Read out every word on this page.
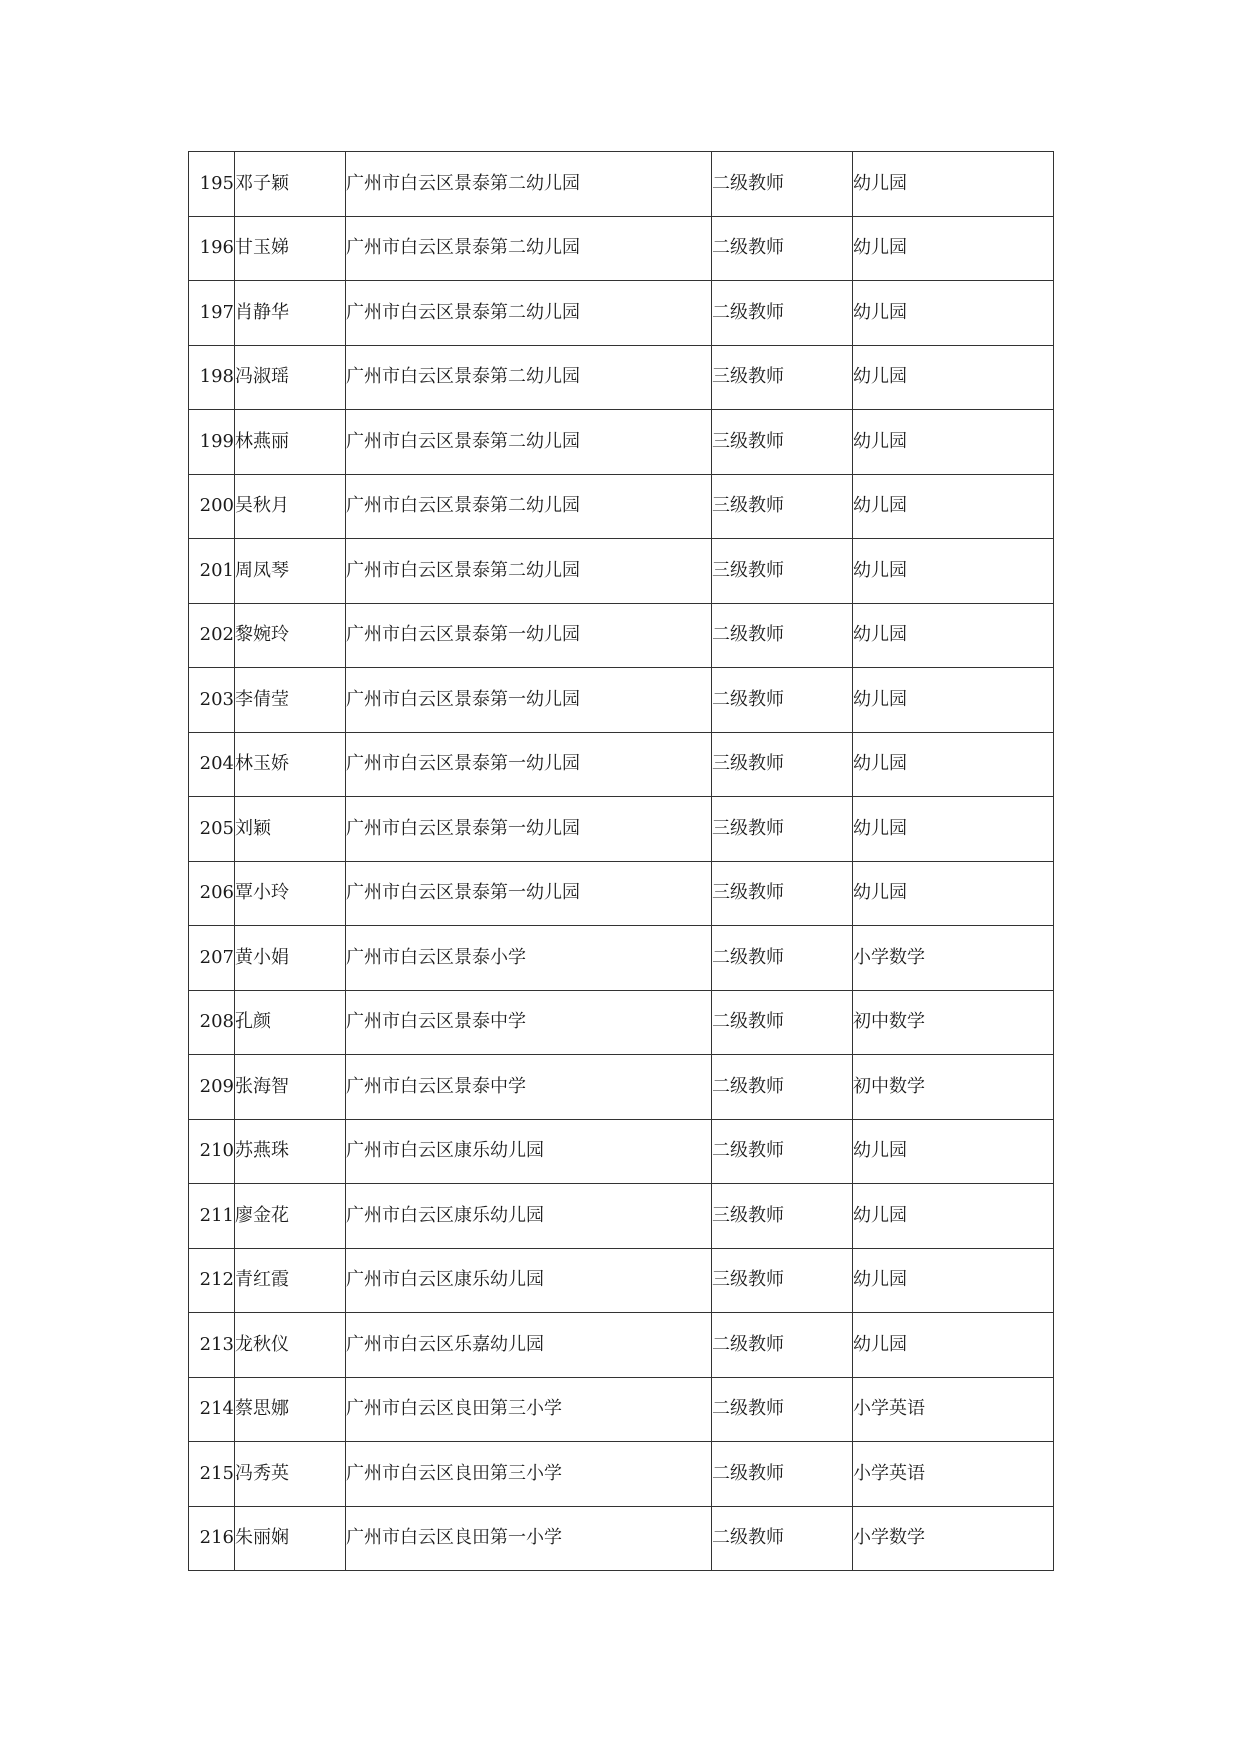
195	邓子颖	广州市白云区景泰第二幼儿园	二级教师	幼儿园
196	甘玉娣	广州市白云区景泰第二幼儿园	二级教师	幼儿园
197	肖静华	广州市白云区景泰第二幼儿园	二级教师	幼儿园
198	冯淑瑶	广州市白云区景泰第二幼儿园	三级教师	幼儿园
199	林燕丽	广州市白云区景泰第二幼儿园	三级教师	幼儿园
200	吴秋月	广州市白云区景泰第二幼儿园	三级教师	幼儿园
201	周凤琴	广州市白云区景泰第二幼儿园	三级教师	幼儿园
202	黎婉玲	广州市白云区景泰第一幼儿园	二级教师	幼儿园
203	李倩莹	广州市白云区景泰第一幼儿园	二级教师	幼儿园
204	林玉娇	广州市白云区景泰第一幼儿园	三级教师	幼儿园
205	刘颖	广州市白云区景泰第一幼儿园	三级教师	幼儿园
206	覃小玲	广州市白云区景泰第一幼儿园	三级教师	幼儿园
207	黄小娟	广州市白云区景泰小学	二级教师	小学数学
208	孔颜	广州市白云区景泰中学	二级教师	初中数学
209	张海智	广州市白云区景泰中学	二级教师	初中数学
210	苏燕珠	广州市白云区康乐幼儿园	二级教师	幼儿园
211	廖金花	广州市白云区康乐幼儿园	三级教师	幼儿园
212	青红霞	广州市白云区康乐幼儿园	三级教师	幼儿园
213	龙秋仪	广州市白云区乐嘉幼儿园	二级教师	幼儿园
214	蔡思娜	广州市白云区良田第三小学	二级教师	小学英语
215	冯秀英	广州市白云区良田第三小学	二级教师	小学英语
216	朱丽娴	广州市白云区良田第一小学	二级教师	小学数学
